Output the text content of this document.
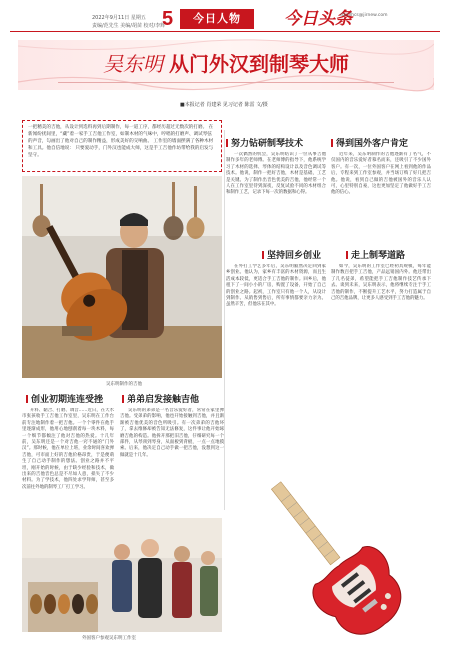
2022年9月11日 星期五
责编/范先生 美编/胡苗 校对/李辉
5	今日人物	今日头条
dzrnlhcs@jirnew.com
吴东明 从门外汉到制琴大师
■本报记者 肖建荣 见习记者 陈雷 文/摄
一把精美的吉他，从设计到选料再到后期制作，每一道工序，都经历超过无数次的打磨。 在新闻纷扰间里，“藏”着一家手工吉他工作室，如制木材的气味中，哼唱的打磨声、调试琴弦的声音，勾画出了他对自己的制作精益，形成美好的交响曲。 工作室的墙面摆满了各种木材和工具。他自信地说： 只要爱动手，门外汉也能成大师，这是手工吉他作坊带给我的启发与坚守。
吴东明制作的吉他
努力钻研制琴技术	得到国外客户肯定
一次偶然的机会，吴东明结识了一位从事吉他制作多年的老师傅。在老师傅的指导下，他系统学习了木材的选择、琴体的结构设计以及音色调试等技术。他说，制作一把好吉他，木材是基础，工艺是关键。为了制作出音色优美的吉他，他经常一个人在工作室里待到深夜，反复试验不同的木材组合和制作工艺，记录下每一次的数据和心得。
近年来，吴东明制作的吉他逐渐有了名气，不仅国内的音乐爱好者慕名而来，还吸引了不少国外客户。有一次，一位外国客户在网上看到他的作品后，专程来到工作室参观，并当场订购了好几把吉他。他说，看到自己做的吉他被国外的音乐人认可，心里特别自豪，这也更加坚定了他做好手工吉他的信心。
坚持回乡创业	走上制琴道路
在外打工学艺多年后，吴东明毅然决定回到家乡创业。他认为，家乡有丰富的木材资源，而且生活成本较低，更适合手工吉他的制作。回乡后，他租下了一间小小的厂房，购置了设备，开始了自己的创业之路。起初，工作室只有他一个人，从设计到制作、从销售到售后，所有事情都要亲力亲为。虽然辛苦，但他乐在其中。
如今，吴东明的工作室已经初具规模，每年能制作数百把手工吉他，产品远销国内外。他还带出了几名徒弟，希望能把手工吉他制作技艺传承下去。谈到未来，吴东明表示，他将继续专注于手工吉他的制作，不断提升工艺水平，努力打造属于自己的吉他品牌，让更多人感受到手工吉他的魅力。
创业初期连连受挫	弟弟启发接触吉他
开料、黏合、打磨、调音……近日，在天水市张孩收手工吉他工作室里，吴东明在工作台前专注地制作着一把吉他。一个个零件在他手里逐渐成形，他用心地刨削着每一块木料，每一个细节都倾注了他对吉他的热爱。十几年前，吴东明还是一个对吉他一窍不通的“门外汉”。那时候，他在单位上班，业余时间喜欢弹吉他，可市面上好的吉他价格昂贵，于是便萌生了自己动手制作的想法。创业之路并不平坦，刚开始的时候，由于缺少经验和技术，做出来的吉他音色总是不尽如人意，损失了不少材料。为了学技术，他四处求学拜师，甚至多次前往外地的制琴工厂打工学习。
吴东明的弟弟是一名音乐爱好者，常常在家里弹吉他。受弟弟的影响，他也开始接触到吉他，并且渐渐被吉他优美的音色所吸引。有一次弟弟的吉他坏了，拿去维修却被告知无法修复，这件事让他开始琢磨吉他的构造。他拆开那把旧吉他，仔细研究每一个部件，从琴颈到琴身，从面板到背板，一点一点地摸索。后来，他决定自己动手做一把吉他，没想到这一做就是十几年。
外国客户参观吴东明工作室
